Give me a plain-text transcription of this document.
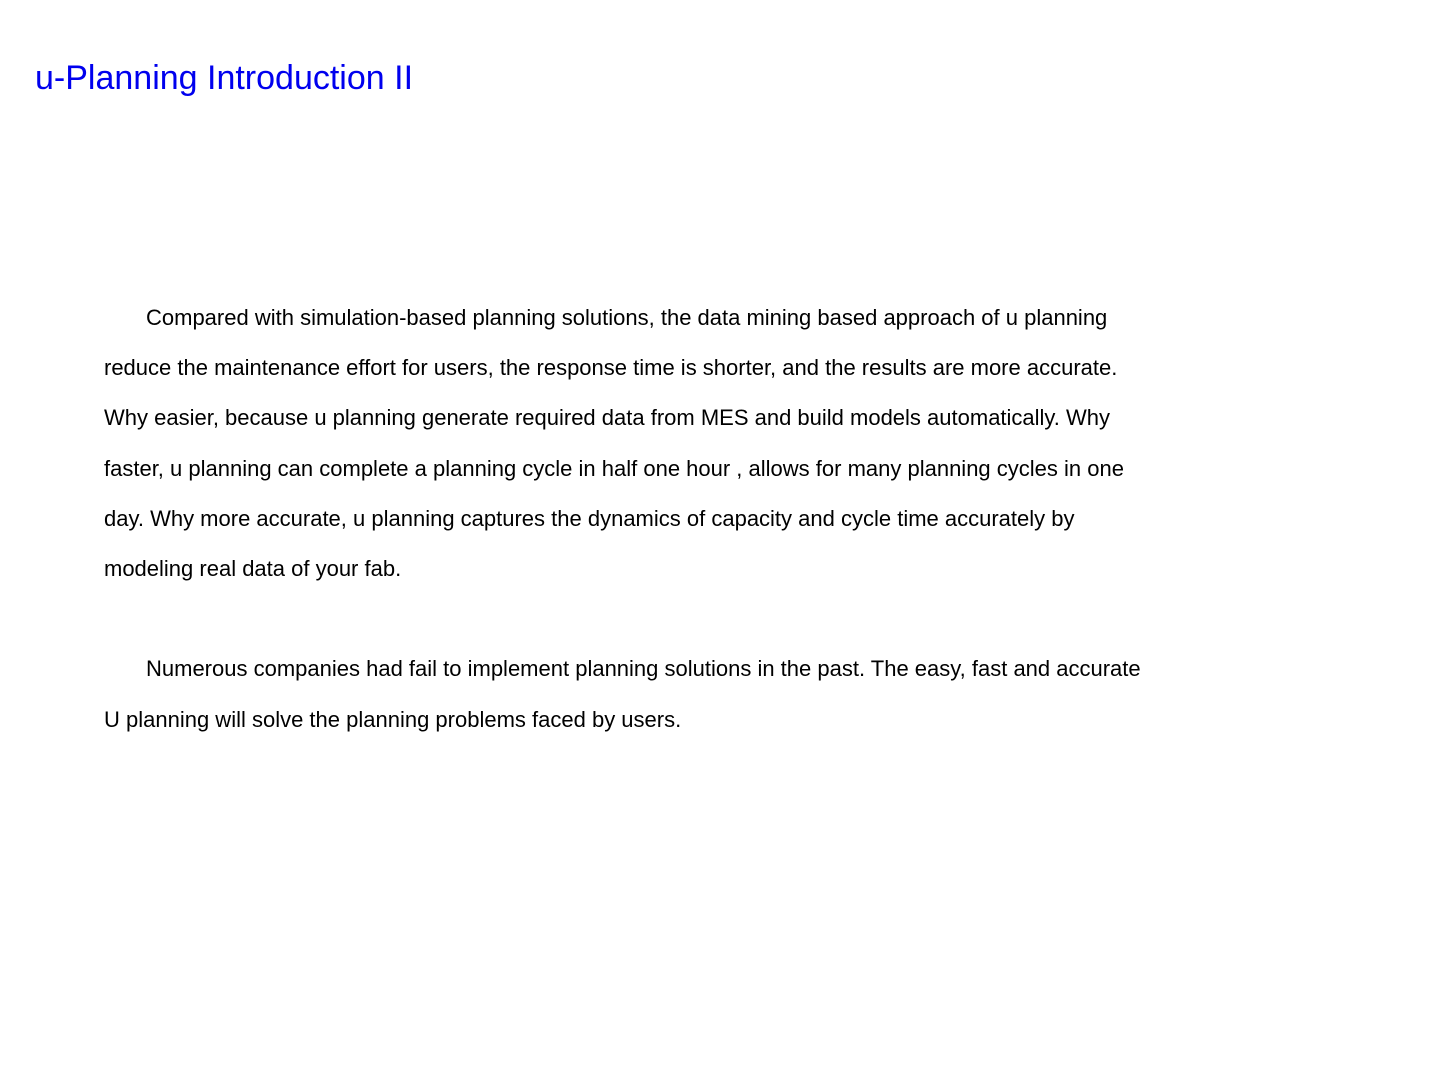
u-Planning Introduction II

Compared with simulation-based planning solutions, the data mining based approach of u planning
reduce the maintenance effort for users, the response time is shorter, and the results are more accurate.
Why easier, because u planning generate required data from MES and build models automatically. Why
faster, u planning can complete a planning cycle in half one hour , allows for many planning cycles in one
day. Why more accurate, u planning captures the dynamics of capacity and cycle time accurately by
modeling real data of your fab.

Numerous companies had fail to implement planning solutions in the past. The easy, fast and accurate
U planning will solve the planning problems faced by users.
